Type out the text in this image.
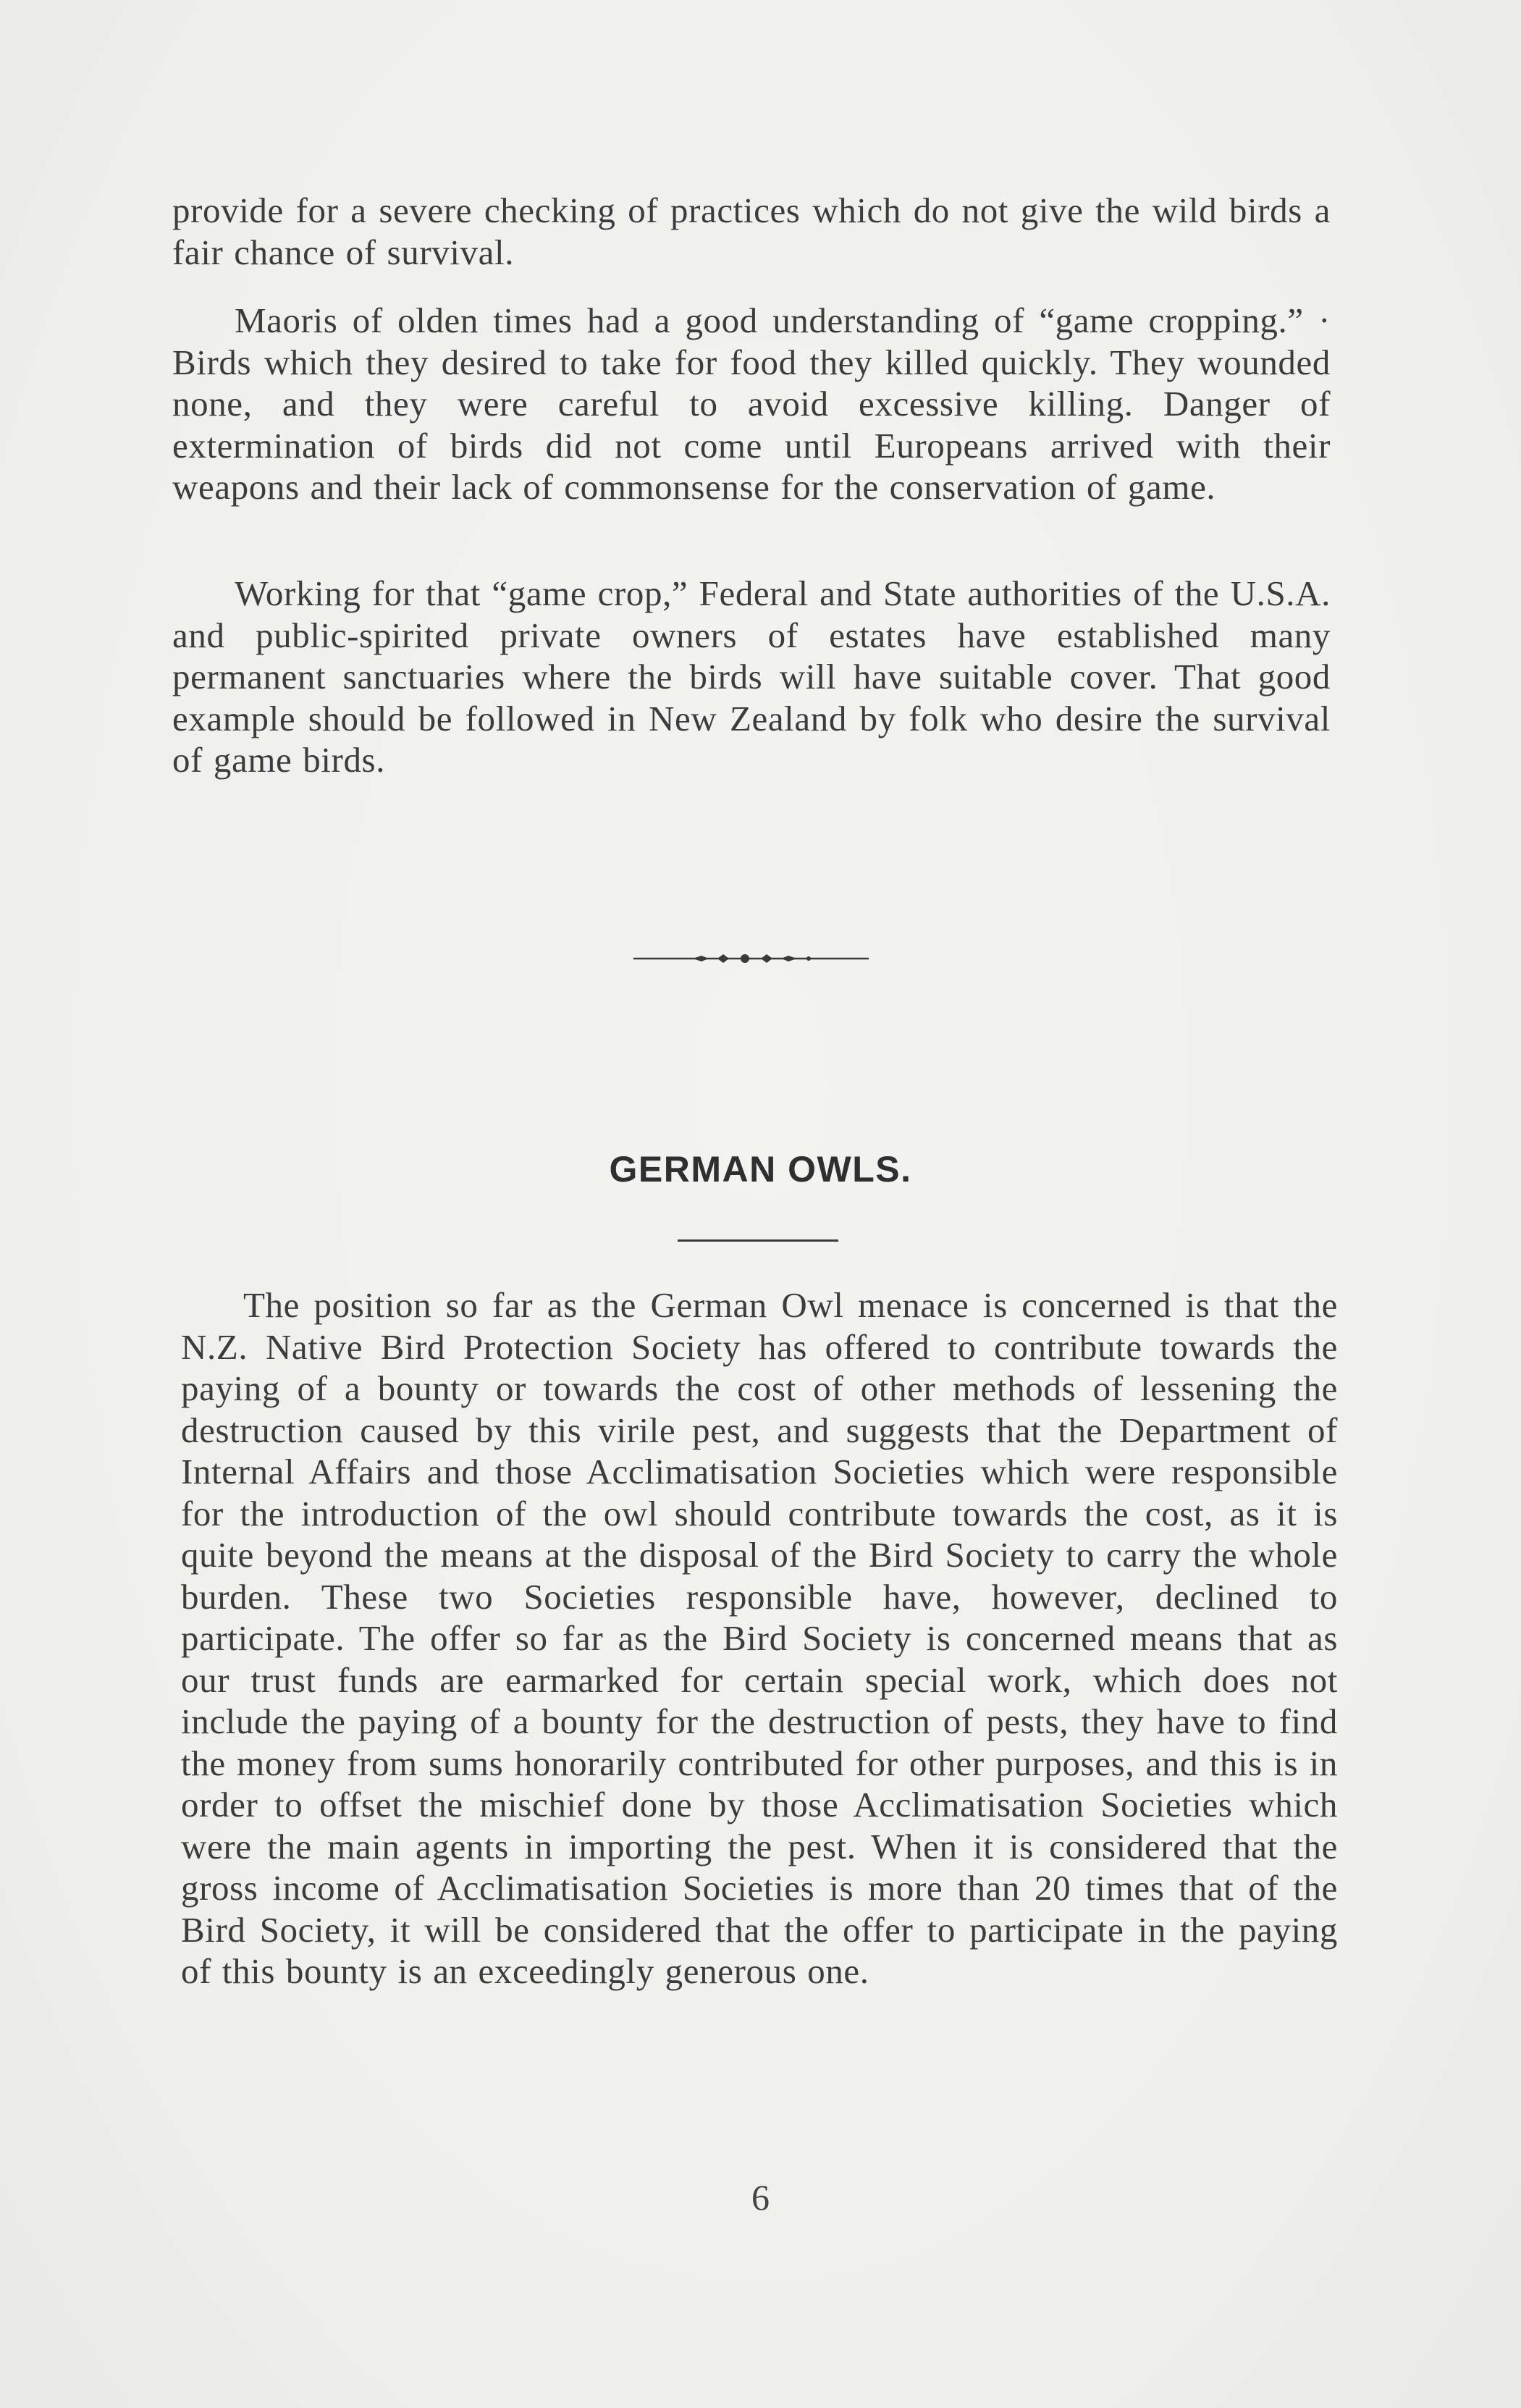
provide for a severe checking of practices which do not give the wild birds a fair chance of survival.

Maoris of olden times had a good understanding of “game cropping.” · Birds which they desired to take for food they killed quickly. They wounded none, and they were careful to avoid excessive killing. Danger of extermination of birds did not come until Europeans arrived with their weapons and their lack of commonsense for the conservation of game.

Working for that “game crop,” Federal and State authorities of the U.S.A. and public-spirited private owners of estates have established many permanent sanctuaries where the birds will have suitable cover. That good example should be followed in New Zealand by folk who desire the survival of game birds.

GERMAN OWLS.

The position so far as the German Owl menace is concerned is that the N.Z. Native Bird Protection Society has offered to contribute towards the paying of a bounty or towards the cost of other methods of lessening the destruction caused by this virile pest, and suggests that the Department of Internal Affairs and those Acclimatisation Societies which were responsible for the introduction of the owl should contribute towards the cost, as it is quite beyond the means at the disposal of the Bird Society to carry the whole burden. These two Societies responsible have, however, declined to participate. The offer so far as the Bird Society is concerned means that as our trust funds are earmarked for certain special work, which does not include the paying of a bounty for the destruction of pests, they have to find the money from sums honorarily contributed for other purposes, and this is in order to offset the mischief done by those Acclimatisation Societies which were the main agents in importing the pest. When it is considered that the gross income of Acclimatisation Societies is more than 20 times that of the Bird Society, it will be considered that the offer to participate in the paying of this bounty is an exceedingly generous one.

6
